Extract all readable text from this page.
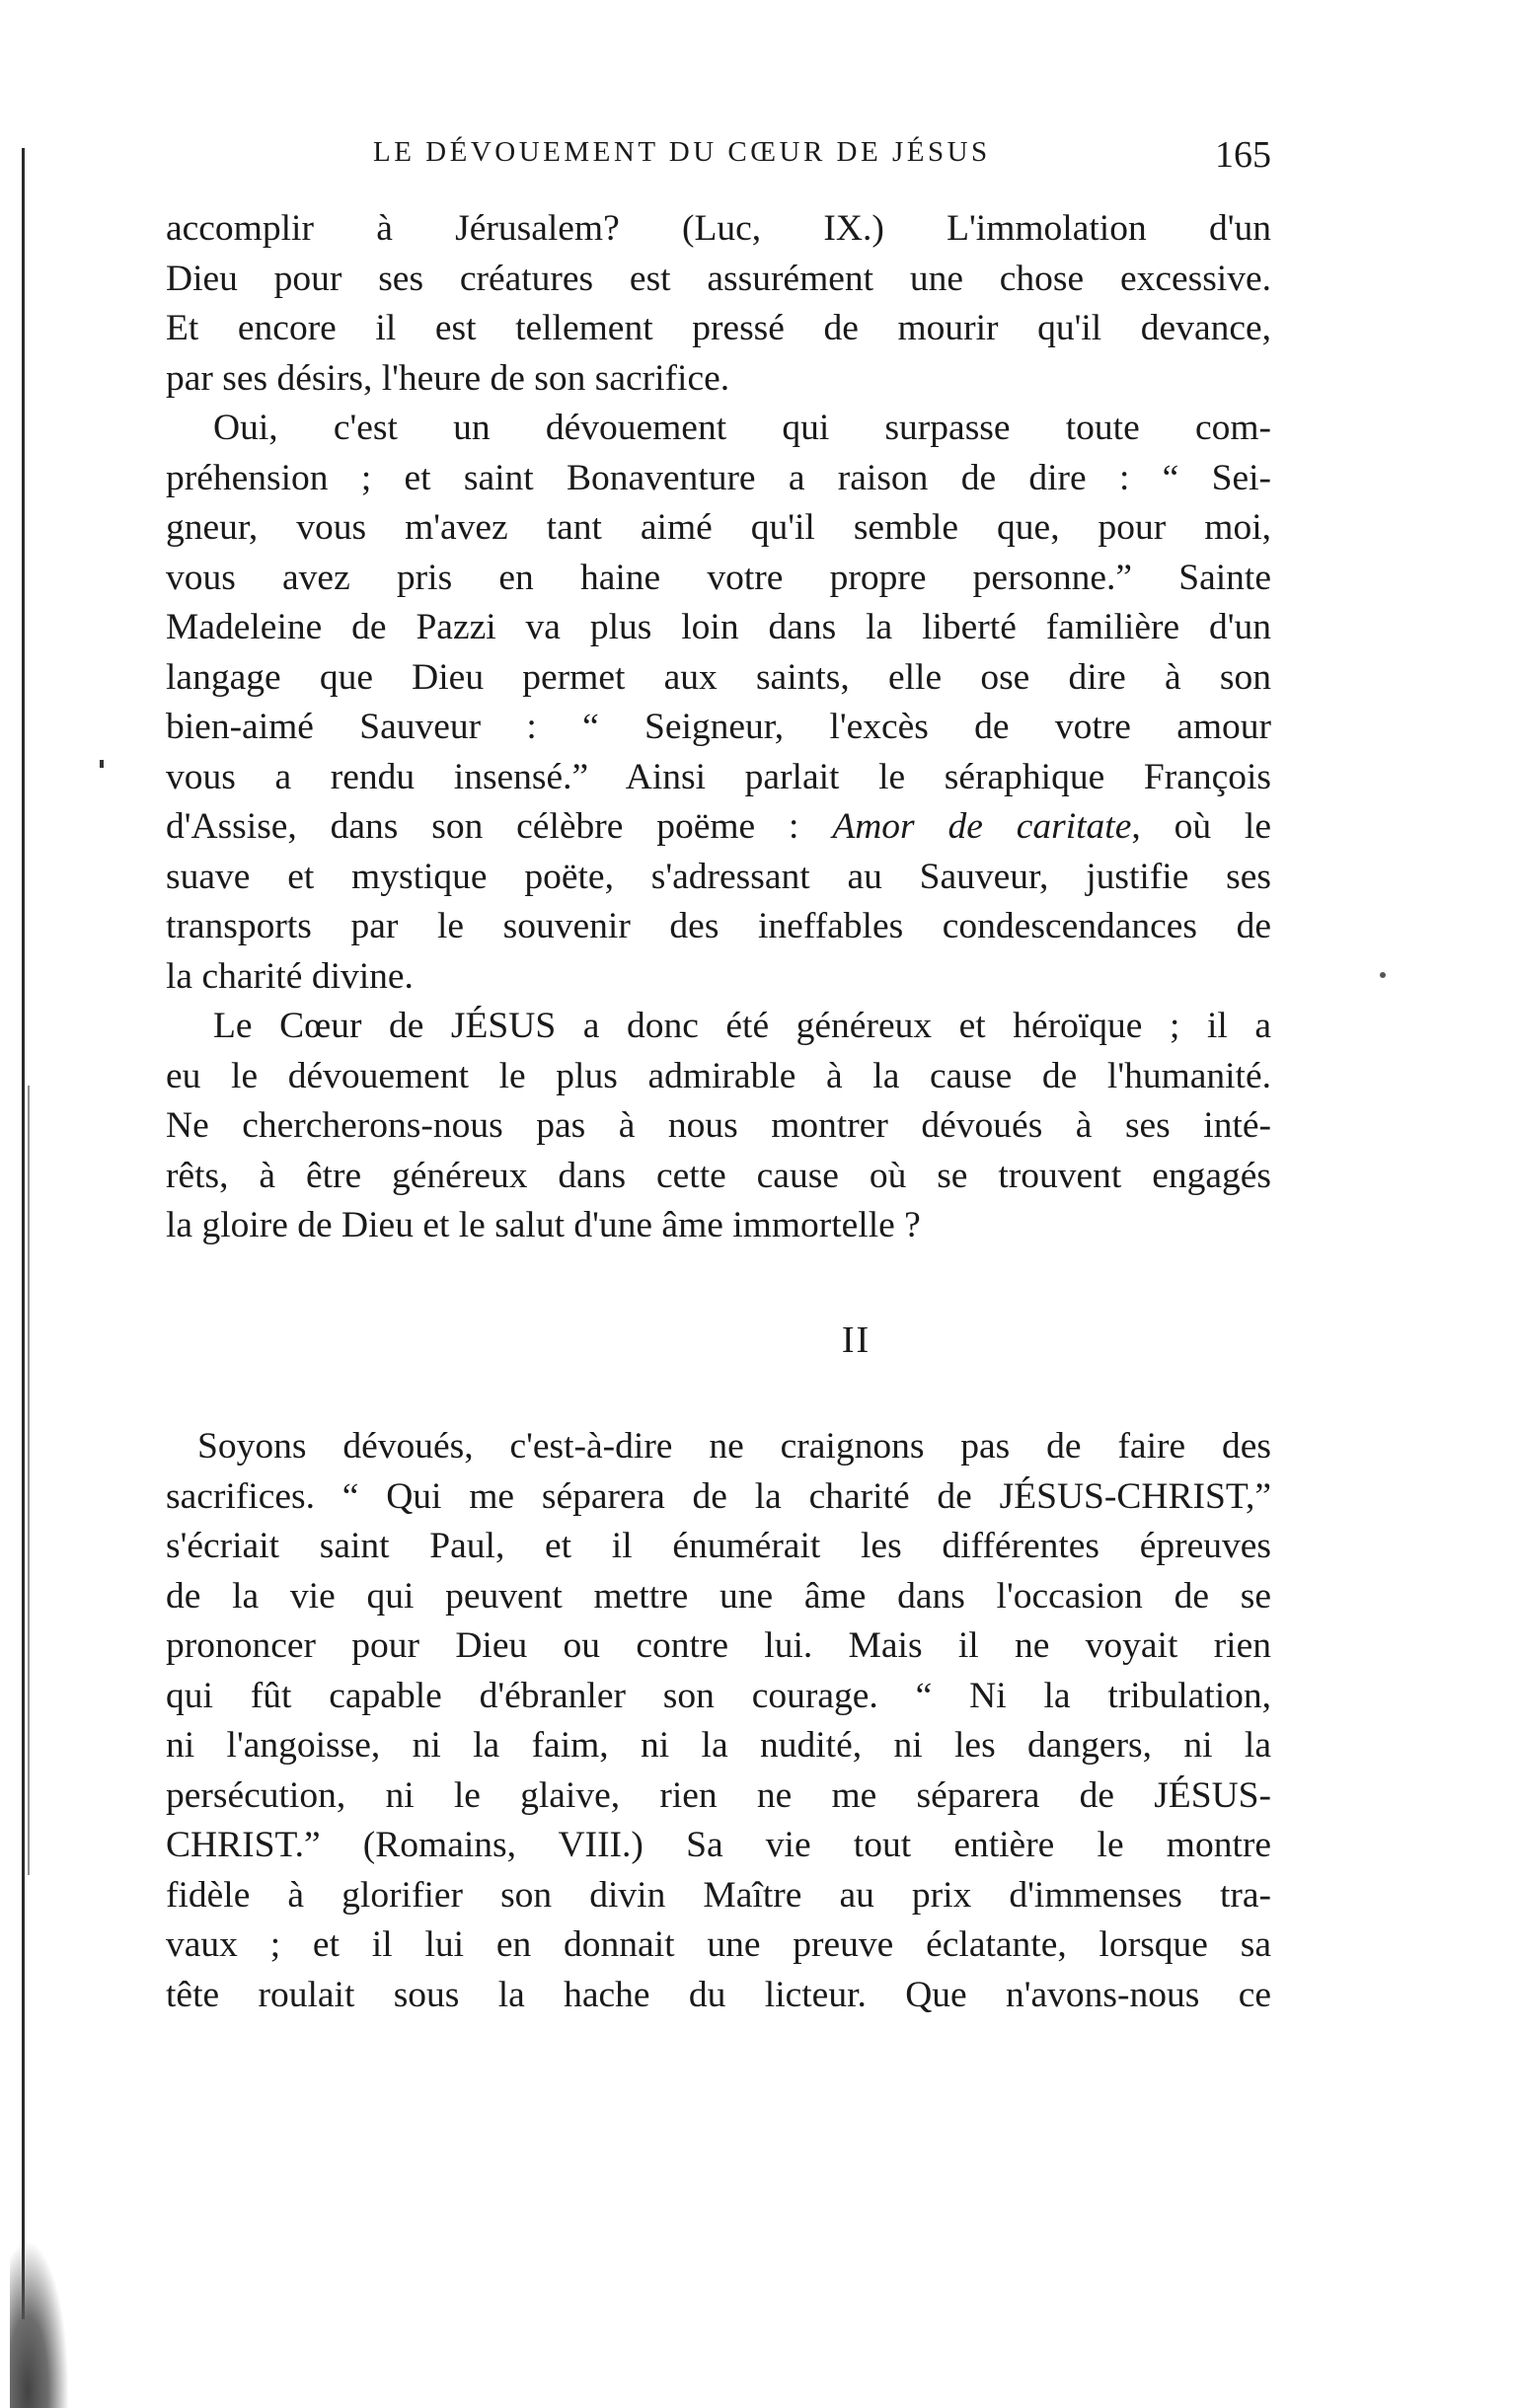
LE DÉVOUEMENT DU CŒUR DE JÉSUS	165
accomplir à Jérusalem? (Luc, IX.) L'immolation d'un
Dieu pour ses créatures est assurément une chose excessive.
Et encore il est tellement pressé de mourir qu'il devance,
par ses désirs, l'heure de son sacrifice.
Oui, c'est un dévouement qui surpasse toute com-
préhension ; et saint Bonaventure a raison de dire : “ Sei-
gneur, vous m'avez tant aimé qu'il semble que, pour moi,
vous avez pris en haine votre propre personne.” Sainte
Madeleine de Pazzi va plus loin dans la liberté familière d'un
langage que Dieu permet aux saints, elle ose dire à son
bien-aimé Sauveur : “ Seigneur, l'excès de votre amour
vous a rendu insensé.” Ainsi parlait le séraphique François
d'Assise, dans son célèbre poëme : Amor de caritate, où le
suave et mystique poëte, s'adressant au Sauveur, justifie ses
transports par le souvenir des ineffables condescendances de
la charité divine.
Le Cœur de JÉSUS a donc été généreux et héroïque ; il a
eu le dévouement le plus admirable à la cause de l'humanité.
Ne chercherons-nous pas à nous montrer dévoués à ses inté-
rêts, à être généreux dans cette cause où se trouvent engagés
la gloire de Dieu et le salut d'une âme immortelle ?
II
Soyons dévoués, c'est-à-dire ne craignons pas de faire des
sacrifices. “ Qui me séparera de la charité de JÉSUS-CHRIST,”
s'écriait saint Paul, et il énumérait les différentes épreuves
de la vie qui peuvent mettre une âme dans l'occasion de se
prononcer pour Dieu ou contre lui. Mais il ne voyait rien
qui fût capable d'ébranler son courage. “ Ni la tribulation,
ni l'angoisse, ni la faim, ni la nudité, ni les dangers, ni la
persécution, ni le glaive, rien ne me séparera de JÉSUS-
CHRIST.” (Romains, VIII.) Sa vie tout entière le montre
fidèle à glorifier son divin Maître au prix d'immenses tra-
vaux ; et il lui en donnait une preuve éclatante, lorsque sa
tête roulait sous la hache du licteur. Que n'avons-nous ce
